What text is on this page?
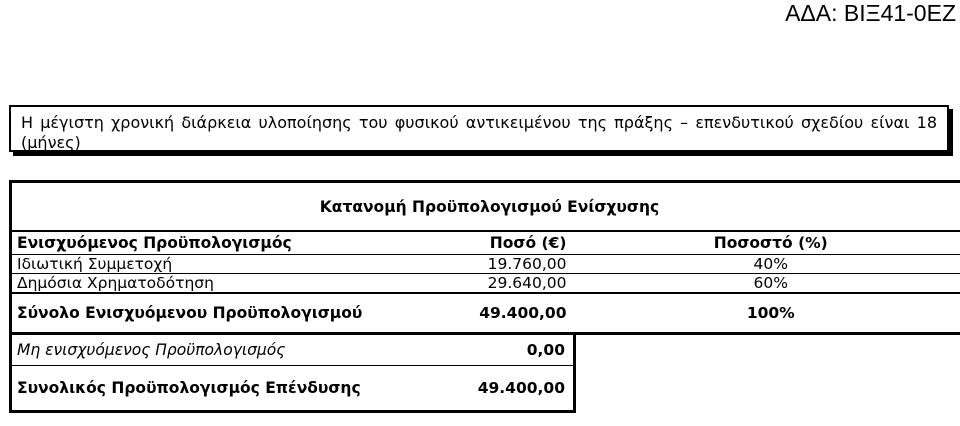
ΑΔΑ: ΒΙΞ41-0ΕΖ
Η μέγιστη χρονική διάρκεια υλοποίησης του φυσικού αντικειμένου της πράξης – επενδυτικού σχεδίου είναι 18 (μήνες)
Κατανομή Προϋπολογισμού Ενίσχυσης		
Ενισχυόμενος Προϋπολογισμός	Ποσό (€)	Ποσοστό (%)
Ιδιωτική Συμμετοχή	19.760,00	40%
Δημόσια Χρηματοδότηση	29.640,00	60%
Σύνολο Ενισχυόμενου Προϋπολογισμού	49.400,00	100%
Μη ενισχυόμενος Προϋπολογισμός	0,00	
Συνολικός Προϋπολογισμός Επένδυσης	49.400,00	
